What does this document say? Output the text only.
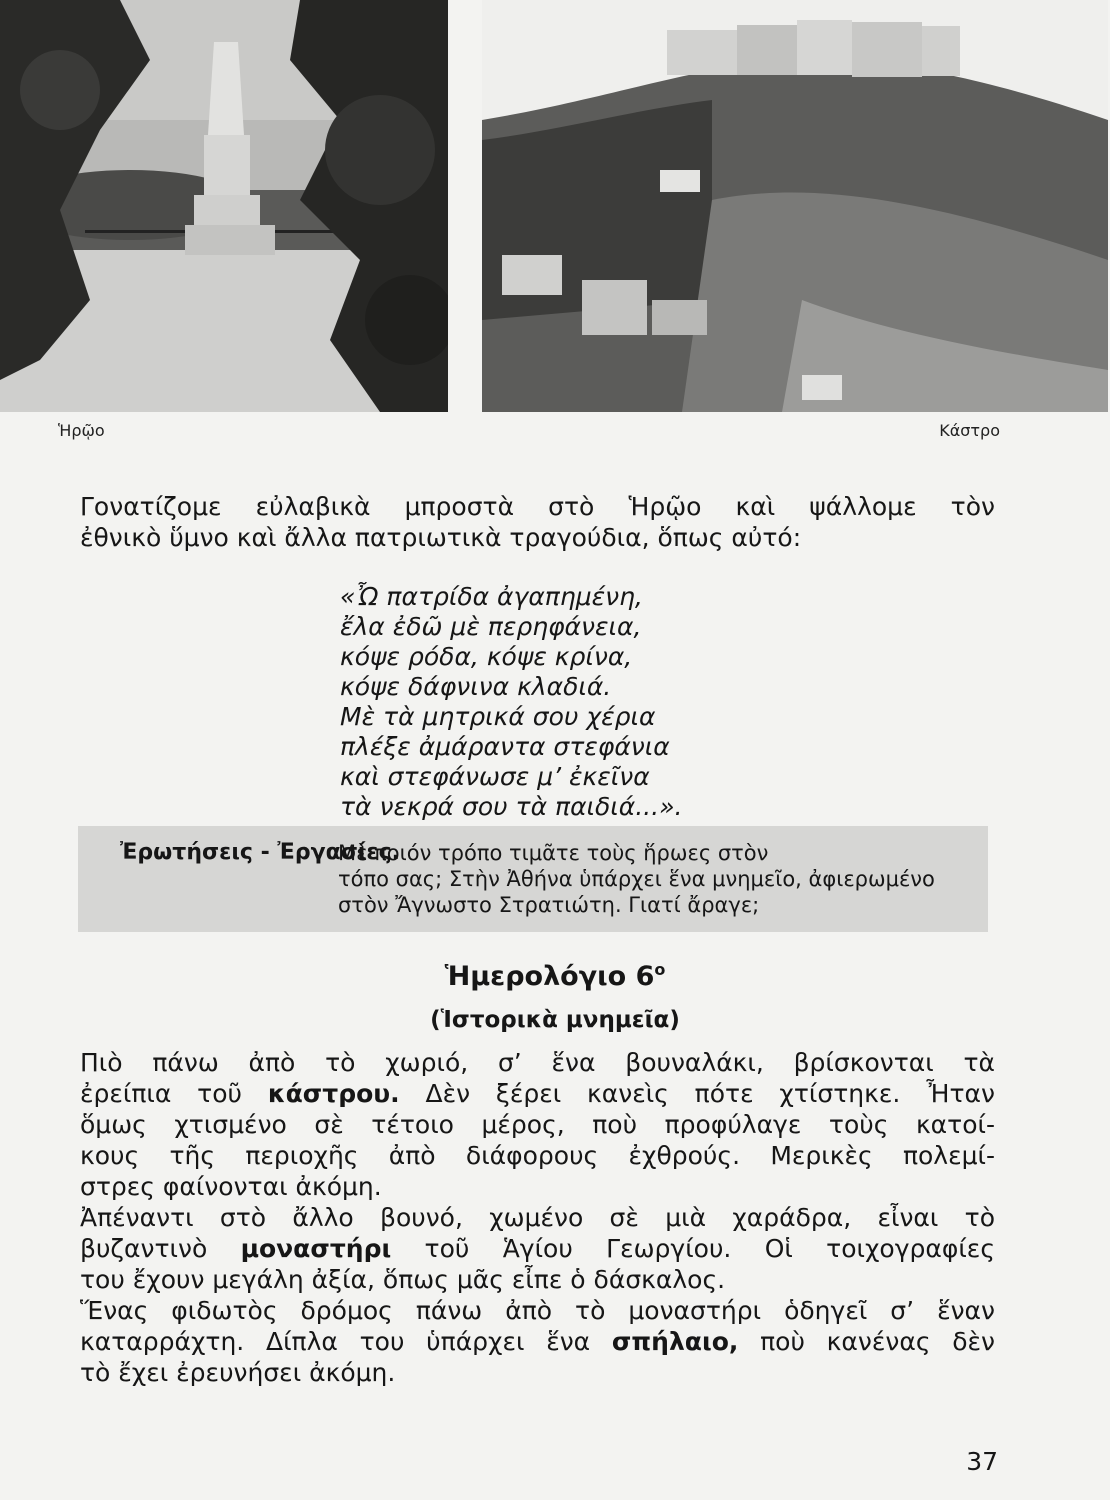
Ἡρῷο	Κάστρο
Γονατίζομε εὐλαβικὰ μπροστὰ στὸ Ἡρῷο καὶ ψάλλομε τὸν
ἐθνικὸ ὕμνο καὶ ἄλλα πατριωτικὰ τραγούδια, ὅπως αὐτό:
«Ὦ πατρίδα ἀγαπημένη,
ἔλα ἐδῶ μὲ περηφάνεια,
κόψε ρόδα, κόψε κρίνα,
κόψε δάφνινα κλαδιά.
Μὲ τὰ μητρικά σου χέρια
πλέξε ἀμάραντα στεφάνια
καὶ στεφάνωσε μ’ ἐκεῖνα
τὰ νεκρά σου τὰ παιδιά...».
Ἐρωτήσεις - Ἐργασίες.
Μὲ ποιόν τρόπο τιμᾶτε τοὺς ἥρωες στὸν
τόπο σας; Στὴν Ἀθήνα ὑπάρχει ἕνα μνημεῖο, ἀφιερωμένο
στὸν Ἄγνωστο Στρατιώτη. Γιατί ἄραγε;
Ἡμερολόγιο $6^o$
(Ἱστορικὰ μνημεῖα)
Πιὸ πάνω ἀπὸ τὸ χωριό, σ’ ἕνα βουναλάκι, βρίσκονται τὰ
ἐρείπια τοῦ κάστρου. Δὲν ξέρει κανεὶς πότε χτίστηκε. Ἦταν
ὅμως χτισμένο σὲ τέτοιο μέρος, ποὺ προφύλαγε τοὺς κατοί-
κους τῆς περιοχῆς ἀπὸ διάφορους ἐχθρούς. Μερικὲς πολεμί-
στρες φαίνονται ἀκόμη.
Ἀπέναντι στὸ ἄλλο βουνό, χωμένο σὲ μιὰ χαράδρα, εἶναι τὸ
βυζαντινὸ μοναστήρι τοῦ Ἁγίου Γεωργίου. Οἱ τοιχογραφίες
του ἔχουν μεγάλη ἀξία, ὅπως μᾶς εἶπε ὁ δάσκαλος.
Ἕνας φιδωτὸς δρόμος πάνω ἀπὸ τὸ μοναστήρι ὁδηγεῖ σ’ ἕναν
καταρράχτη. Δίπλα του ὑπάρχει ἕνα σπήλαιο, ποὺ κανένας δὲν
τὸ ἔχει ἐρευνήσει ἀκόμη.
37
